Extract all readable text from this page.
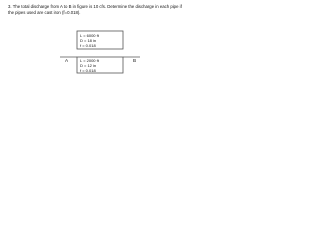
3. The total discharge from A to B in figure is 10 cfs. Determine the discharge in each pipe if
the pipes used are cast iron (f=0.018).
L = 6000 ft
D = 18 in
f = 0.018
L = 2000 ft
D = 12 in
f = 0.018
A	B
